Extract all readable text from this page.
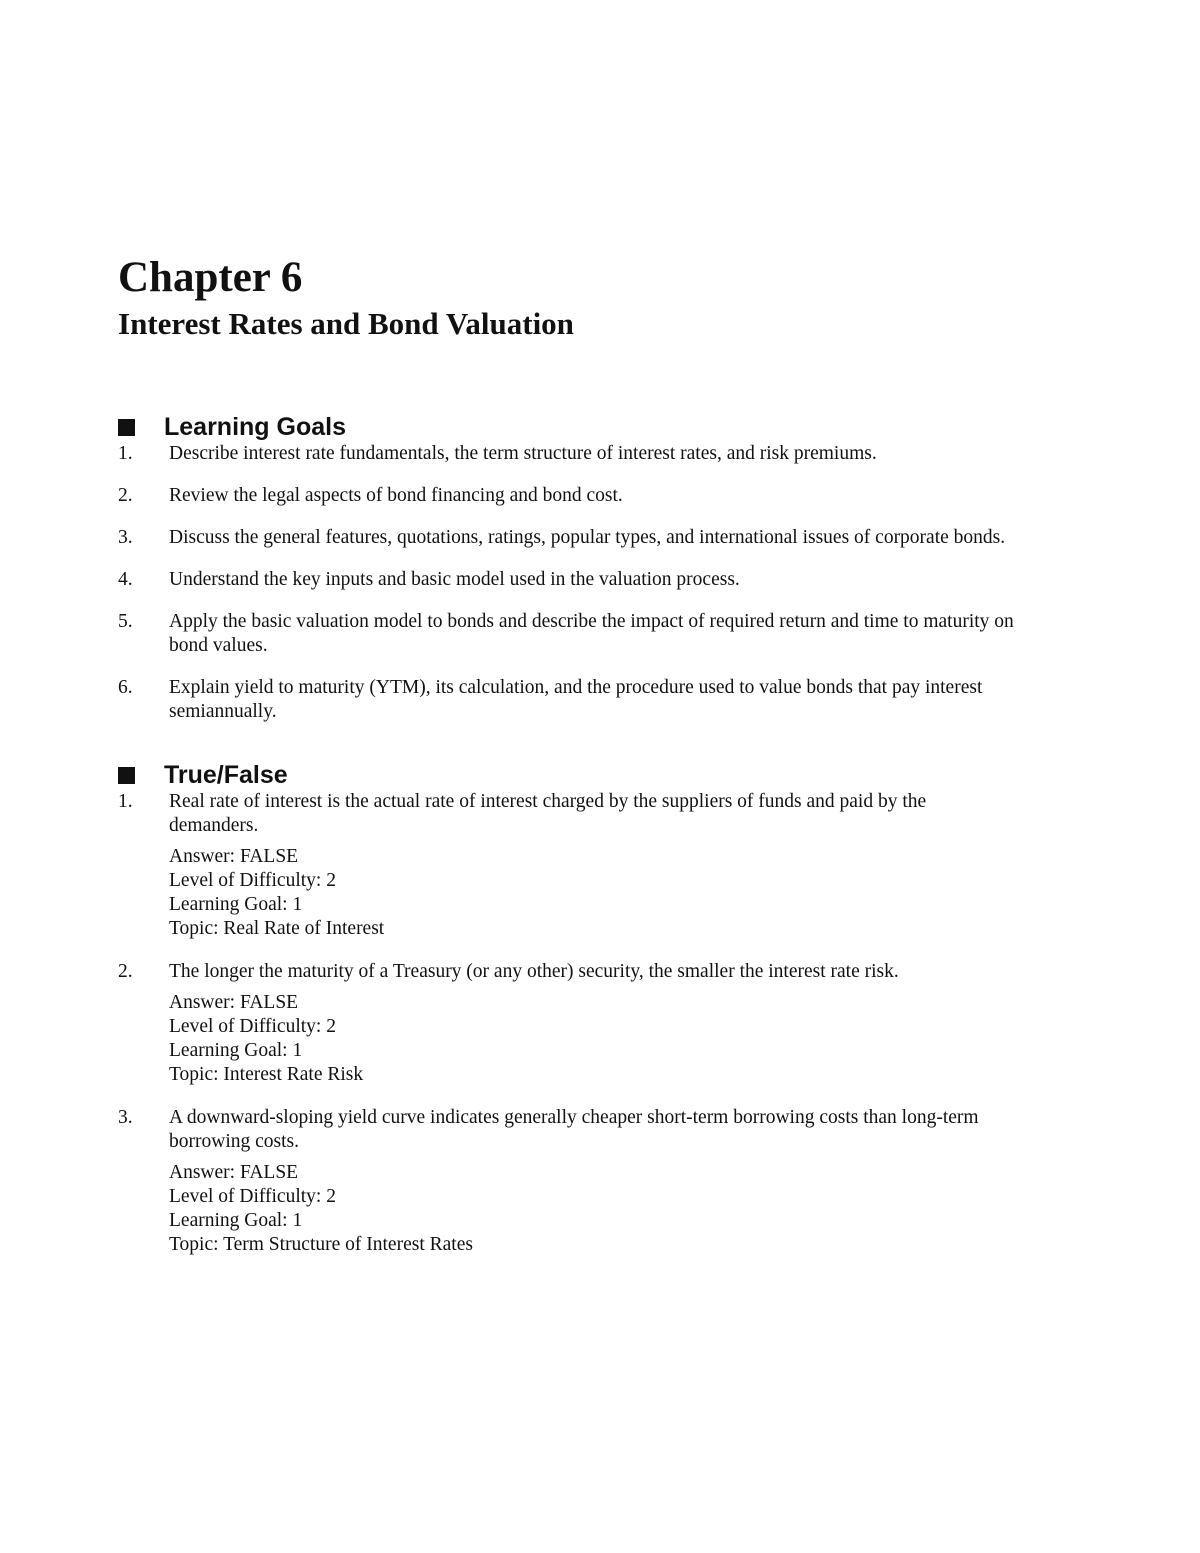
Chapter 6
Interest Rates and Bond Valuation
Learning Goals
1.	Describe interest rate fundamentals, the term structure of interest rates, and risk premiums.
2.	Review the legal aspects of bond financing and bond cost.
3.	Discuss the general features, quotations, ratings, popular types, and international issues of corporate bonds.
4.	Understand the key inputs and basic model used in the valuation process.
5.	Apply the basic valuation model to bonds and describe the impact of required return and time to maturity on bond values.
6.	Explain yield to maturity (YTM), its calculation, and the procedure used to value bonds that pay interest semiannually.
True/False
1.	Real rate of interest is the actual rate of interest charged by the suppliers of funds and paid by the demanders.
Answer: FALSE
Level of Difficulty: 2
Learning Goal: 1
Topic: Real Rate of Interest
2.	The longer the maturity of a Treasury (or any other) security, the smaller the interest rate risk.
Answer: FALSE
Level of Difficulty: 2
Learning Goal: 1
Topic: Interest Rate Risk
3.	A downward-sloping yield curve indicates generally cheaper short-term borrowing costs than long-term borrowing costs.
Answer: FALSE
Level of Difficulty: 2
Learning Goal: 1
Topic: Term Structure of Interest Rates
